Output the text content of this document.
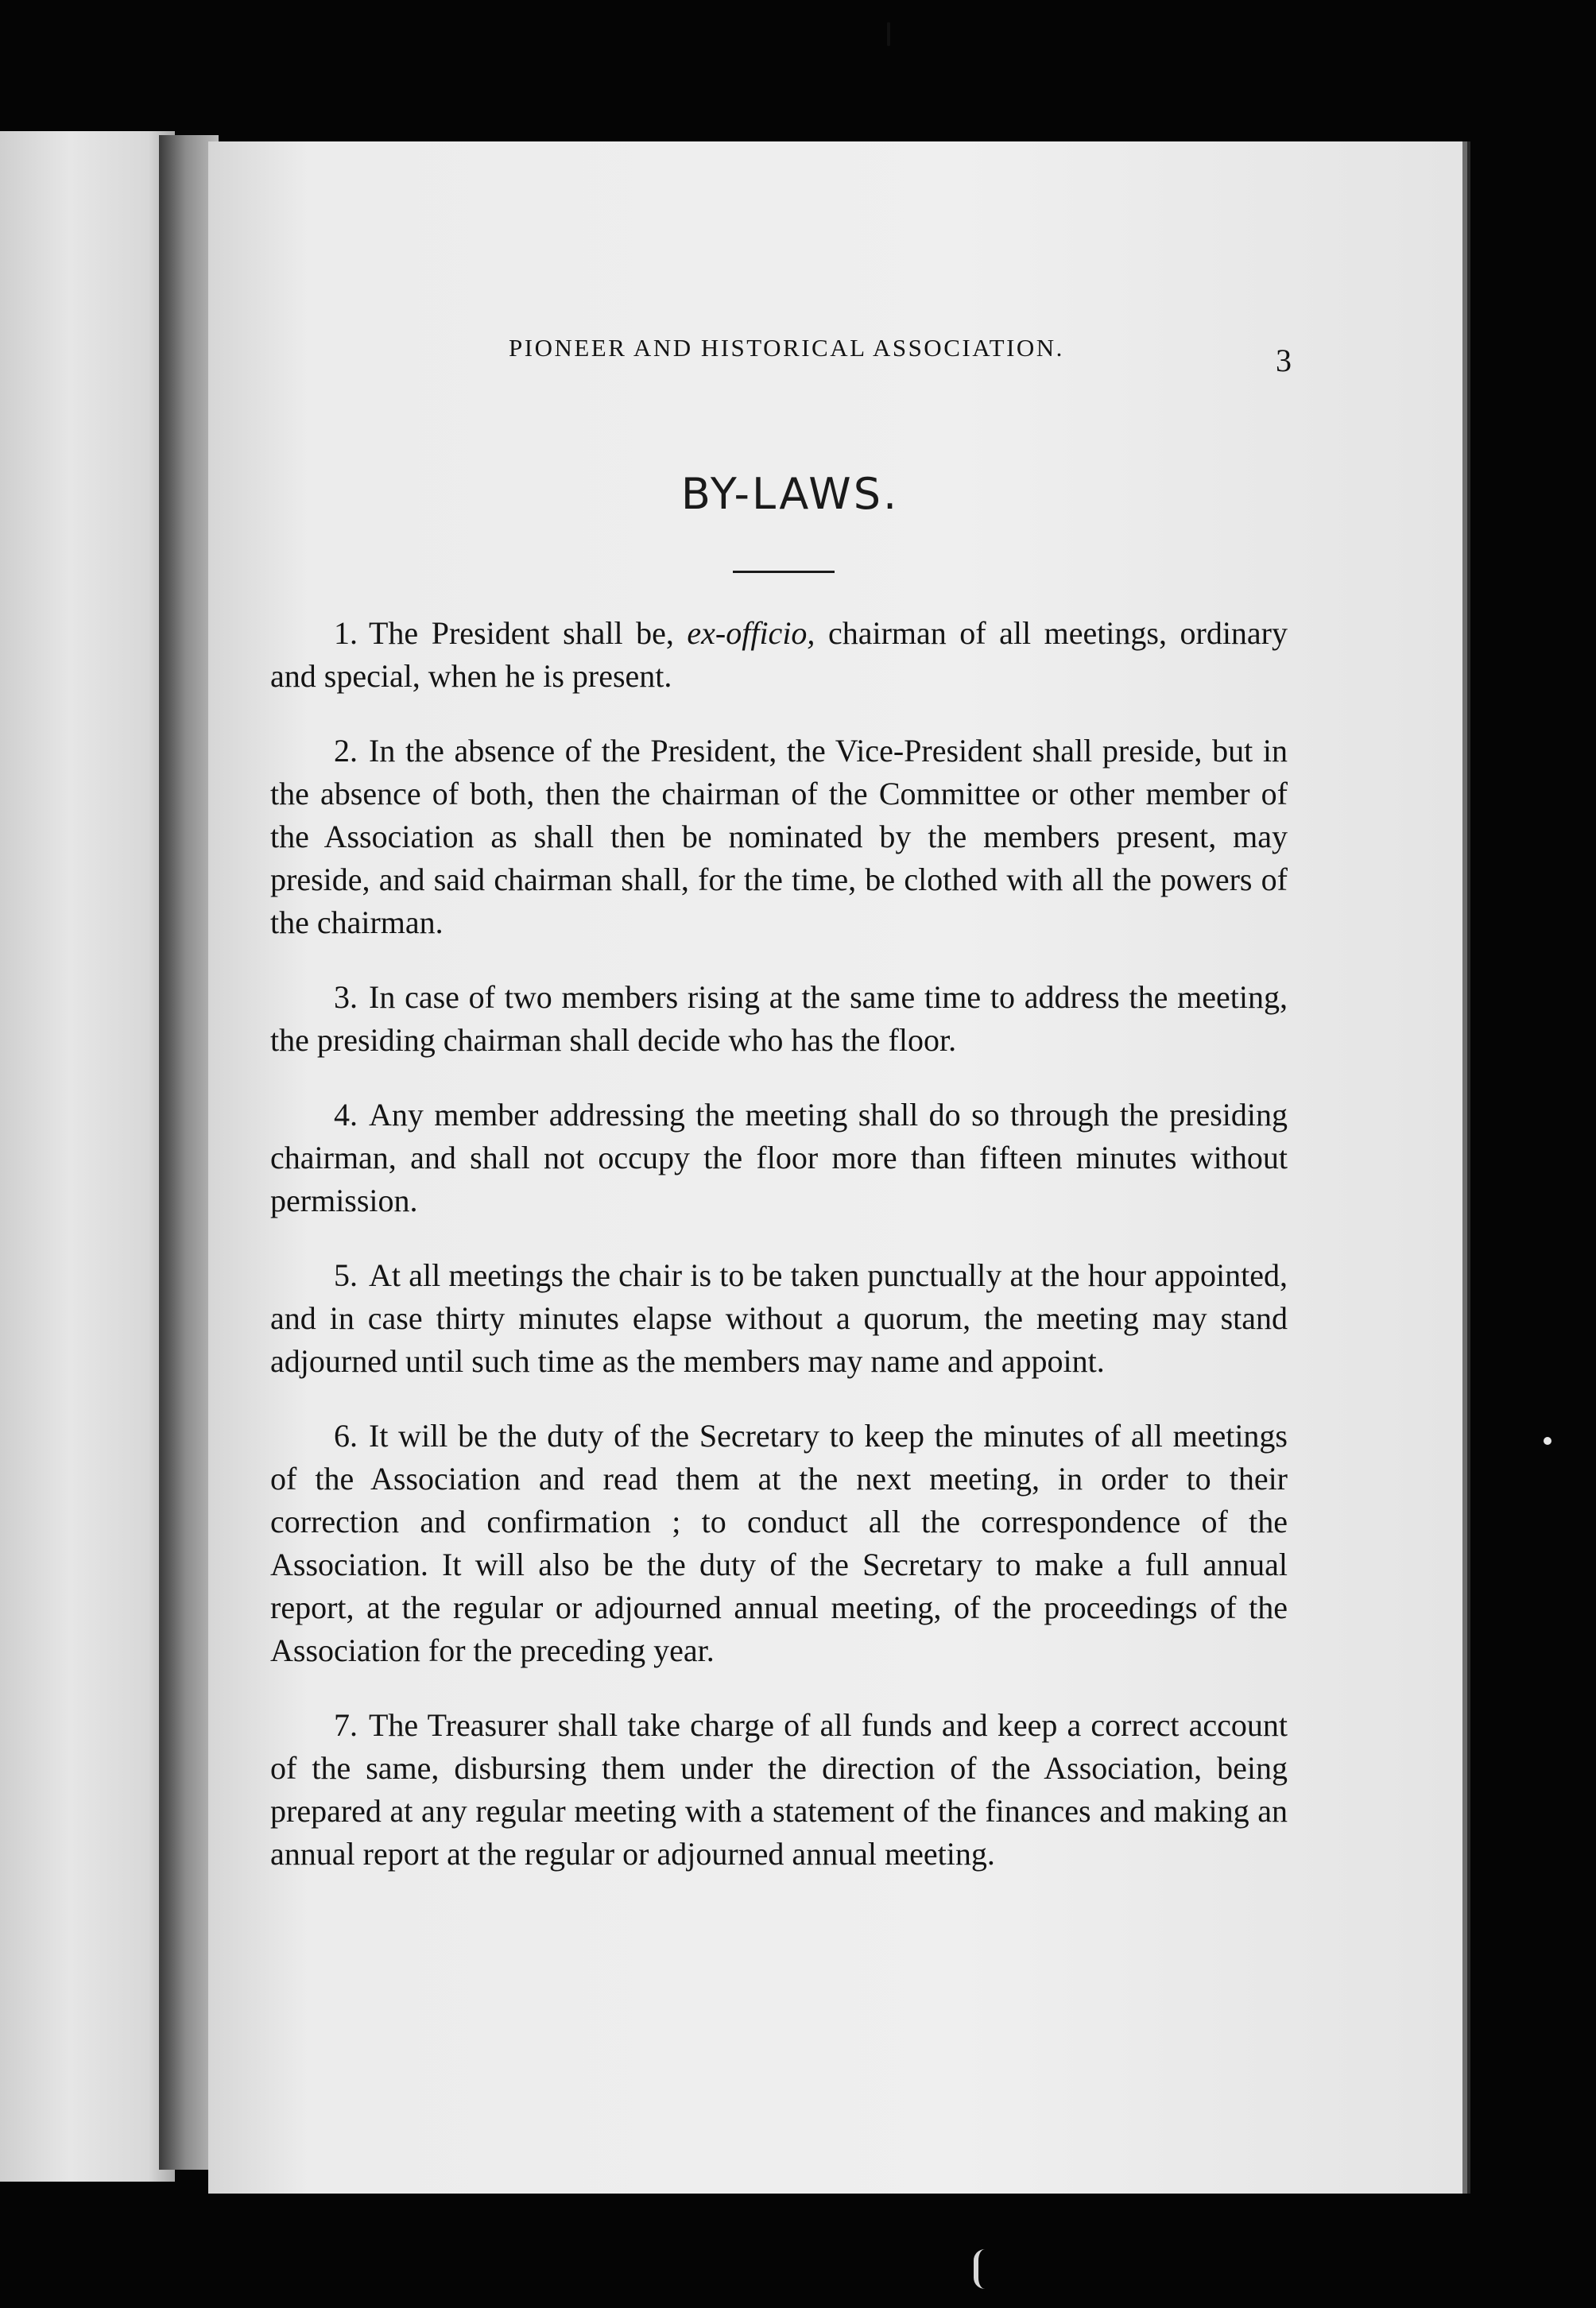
PIONEER AND HISTORICAL ASSOCIATION.	3
BY-LAWS.

1. The President shall be, ex-officio, chairman of all meetings, ordinary and special, when he is present.

2. In the absence of the President, the Vice-President shall preside, but in the absence of both, then the chairman of the Committee or other member of the Association as shall then be nominated by the members present, may preside, and said chairman shall, for the time, be clothed with all the powers of the chairman.

3. In case of two members rising at the same time to address the meeting, the presiding chairman shall decide who has the floor.

4. Any member addressing the meeting shall do so through the presiding chairman, and shall not occupy the floor more than fifteen minutes without permission.

5. At all meetings the chair is to be taken punctually at the hour appointed, and in case thirty minutes elapse without a quorum, the meeting may stand adjourned until such time as the members may name and appoint.

6. It will be the duty of the Secretary to keep the minutes of all meetings of the Association and read them at the next meeting, in order to their correction and confirmation ; to conduct all the correspondence of the Association. It will also be the duty of the Secretary to make a full annual report, at the regular or adjourned annual meeting, of the proceedings of the Association for the preceding year.

7. The Treasurer shall take charge of all funds and keep a correct account of the same, disbursing them under the direction of the Association, being prepared at any regular meeting with a statement of the finances and making an annual report at the regular or adjourned annual meeting.
